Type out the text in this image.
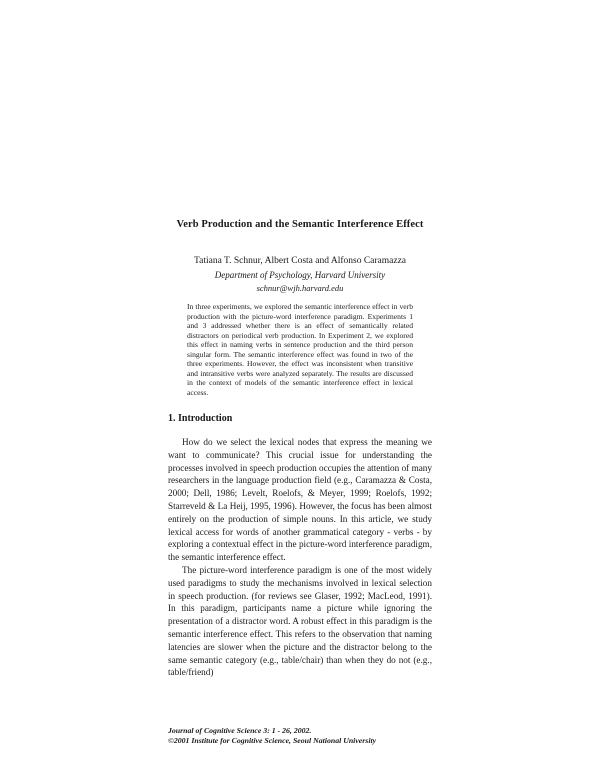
Verb Production and the Semantic Interference Effect
Tatiana T. Schnur, Albert Costa and Alfonso Caramazza
Department of Psychology, Harvard University
schnur@wjh.harvard.edu
In three experiments, we explored the semantic interference effect in verb production with the picture-word interference paradigm. Experiments 1 and 3 addressed whether there is an effect of semantically related distractors on periodical verb production. In Experiment 2, we explored this effect in naming verbs in sentence production and the third person singular form. The semantic interference effect was found in two of the three experiments. However, the effect was inconsistent when transitive and intransitive verbs were analyzed separately. The results are discussed in the context of models of the semantic interference effect in lexical access.
1. Introduction

How do we select the lexical nodes that express the meaning we want to communicate? This crucial issue for understanding the processes involved in speech production occupies the attention of many researchers in the language production field (e.g., Caramazza & Costa, 2000; Dell, 1986; Levelt, Roelofs, & Meyer, 1999; Roelofs, 1992; Starreveld & La Heij, 1995, 1996). However, the focus has been almost entirely on the production of simple nouns. In this article, we study lexical access for words of another grammatical category - verbs - by exploring a contextual effect in the picture-word interference paradigm, the semantic interference effect.

The picture-word interference paradigm is one of the most widely used paradigms to study the mechanisms involved in lexical selection in speech production. (for reviews see Glaser, 1992; MacLeod, 1991). In this paradigm, participants name a picture while ignoring the presentation of a distractor word. A robust effect in this paradigm is the semantic interference effect. This refers to the observation that naming latencies are slower when the picture and the distractor belong to the same semantic category (e.g., table/chair) than when they do not (e.g., table/friend)

Journal of Cognitive Science 3: 1 - 26, 2002.
©2001 Institute for Cognitive Science, Seoul National University
